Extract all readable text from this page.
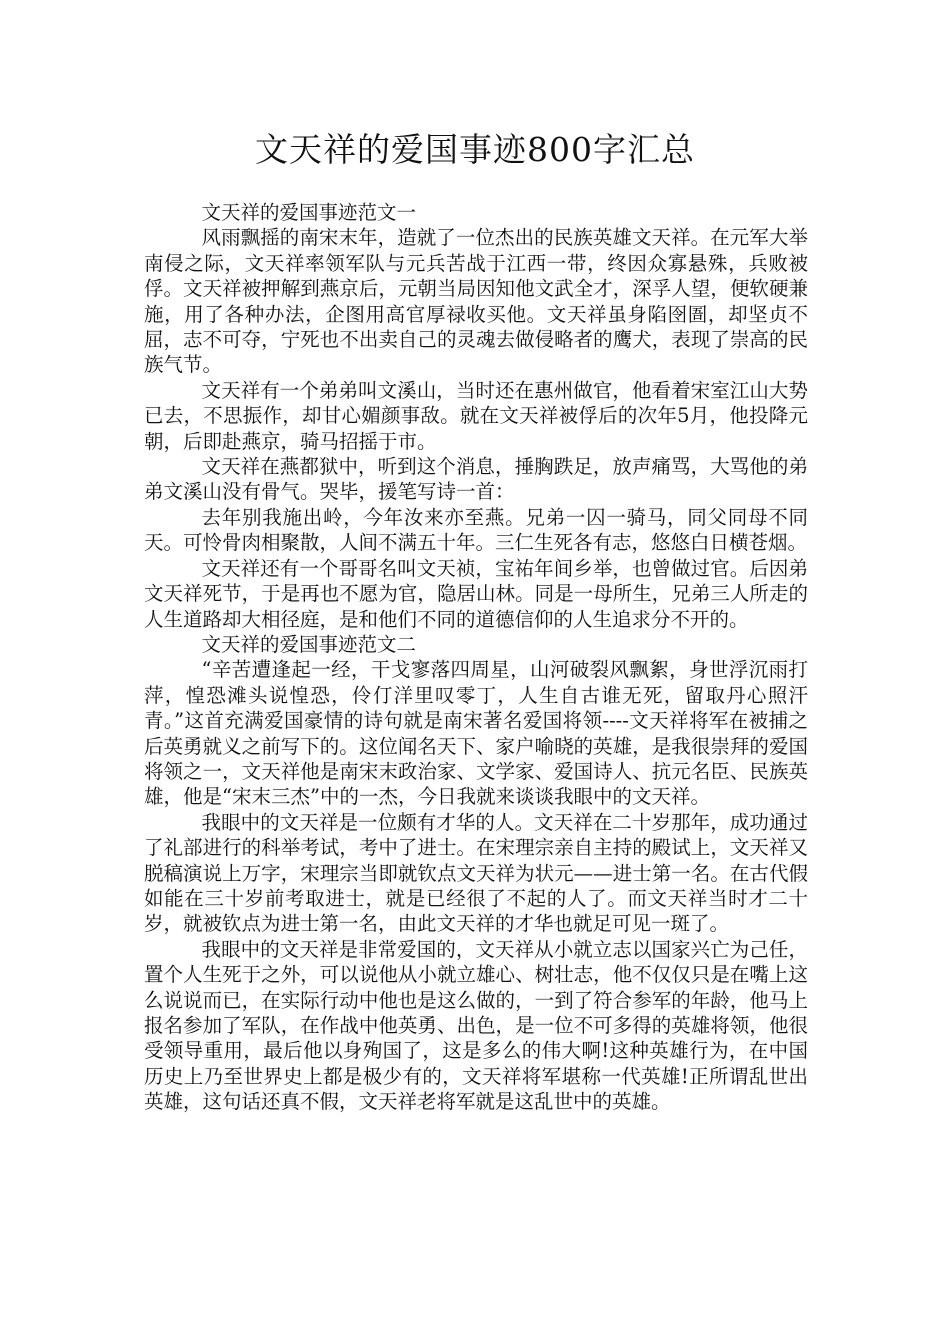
文天祥的爱国事迹800字汇总

文天祥的爱国事迹范文一

风雨飘摇的南宋末年，造就了一位杰出的民族英雄文天祥。在元军大举南侵之际，文天祥率领军队与元兵苦战于江西一带，终因众寡悬殊，兵败被俘。文天祥被押解到燕京后，元朝当局因知他文武全才，深孚人望，便软硬兼施，用了各种办法，企图用高官厚禄收买他。文天祥虽身陷囹圄，却坚贞不屈，志不可夺，宁死也不出卖自己的灵魂去做侵略者的鹰犬，表现了崇高的民族气节。

文天祥有一个弟弟叫文溪山，当时还在惠州做官，他看着宋室江山大势已去，不思振作，却甘心媚颜事敌。就在文天祥被俘后的次年5月，他投降元朝，后即赴燕京，骑马招摇于市。

文天祥在燕都狱中，听到这个消息，捶胸跌足，放声痛骂，大骂他的弟弟文溪山没有骨气。哭毕，援笔写诗一首：

去年别我施出岭，今年汝来亦至燕。兄弟一囚一骑马，同父同母不同天。可怜骨肉相聚散，人间不满五十年。三仁生死各有志，悠悠白日横苍烟。

文天祥还有一个哥哥名叫文天祯，宝祐年间乡举，也曾做过官。后因弟文天祥死节，于是再也不愿为官，隐居山林。同是一母所生，兄弟三人所走的人生道路却大相径庭，是和他们不同的道德信仰的人生追求分不开的。

文天祥的爱国事迹范文二

“辛苦遭逢起一经，干戈寥落四周星，山河破裂风飘絮，身世浮沉雨打萍，惶恐滩头说惶恐，伶仃洋里叹零丁，人生自古谁无死，留取丹心照汗青。”这首充满爱国豪情的诗句就是南宋著名爱国将领----文天祥将军在被捕之后英勇就义之前写下的。这位闻名天下、家户喻晓的英雄，是我很崇拜的爱国将领之一，文天祥他是南宋末政治家、文学家、爱国诗人、抗元名臣、民族英雄，他是“宋末三杰”中的一杰，今日我就来谈谈我眼中的文天祥。

我眼中的文天祥是一位颇有才华的人。文天祥在二十岁那年，成功通过了礼部进行的科举考试，考中了进士。在宋理宗亲自主持的殿试上，文天祥又脱稿演说上万字，宋理宗当即就钦点文天祥为状元——进士第一名。在古代假如能在三十岁前考取进士，就是已经很了不起的人了。而文天祥当时才二十岁，就被钦点为进士第一名，由此文天祥的才华也就足可见一斑了。

我眼中的文天祥是非常爱国的，文天祥从小就立志以国家兴亡为己任，置个人生死于之外，可以说他从小就立雄心、树壮志，他不仅仅只是在嘴上这么说说而已，在实际行动中他也是这么做的，一到了符合参军的年龄，他马上报名参加了军队，在作战中他英勇、出色，是一位不可多得的英雄将领，他很受领导重用，最后他以身殉国了，这是多么的伟大啊!这种英雄行为，在中国历史上乃至世界史上都是极少有的，文天祥将军堪称一代英雄!正所谓乱世出英雄，这句话还真不假，文天祥老将军就是这乱世中的英雄。
